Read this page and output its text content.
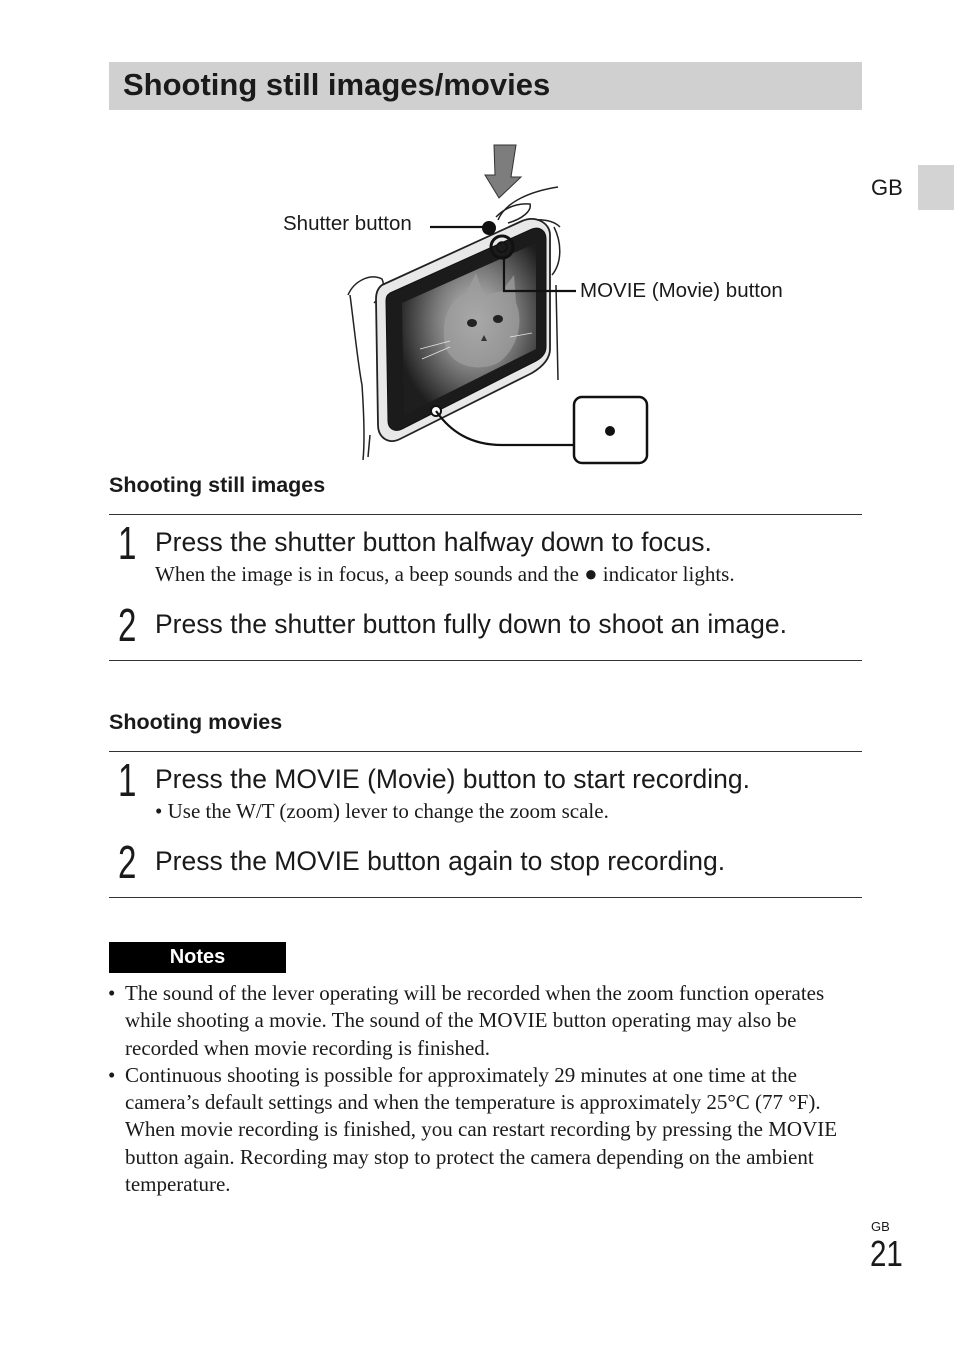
Shooting still images/movies
GB
Shutter button
MOVIE (Movie) button
Shooting still images
1 Press the shutter button halfway down to focus.
When the image is in focus, a beep sounds and the ● indicator lights.
2 Press the shutter button fully down to shoot an image.
Shooting movies
1 Press the MOVIE (Movie) button to start recording.
• Use the W/T (zoom) lever to change the zoom scale.
2 Press the MOVIE button again to stop recording.
Notes
• The sound of the lever operating will be recorded when the zoom function operates while shooting a movie. The sound of the MOVIE button operating may also be recorded when movie recording is finished.
• Continuous shooting is possible for approximately 29 minutes at one time at the camera’s default settings and when the temperature is approximately 25°C (77 °F). When movie recording is finished, you can restart recording by pressing the MOVIE button again. Recording may stop to protect the camera depending on the ambient temperature.
GB
21
